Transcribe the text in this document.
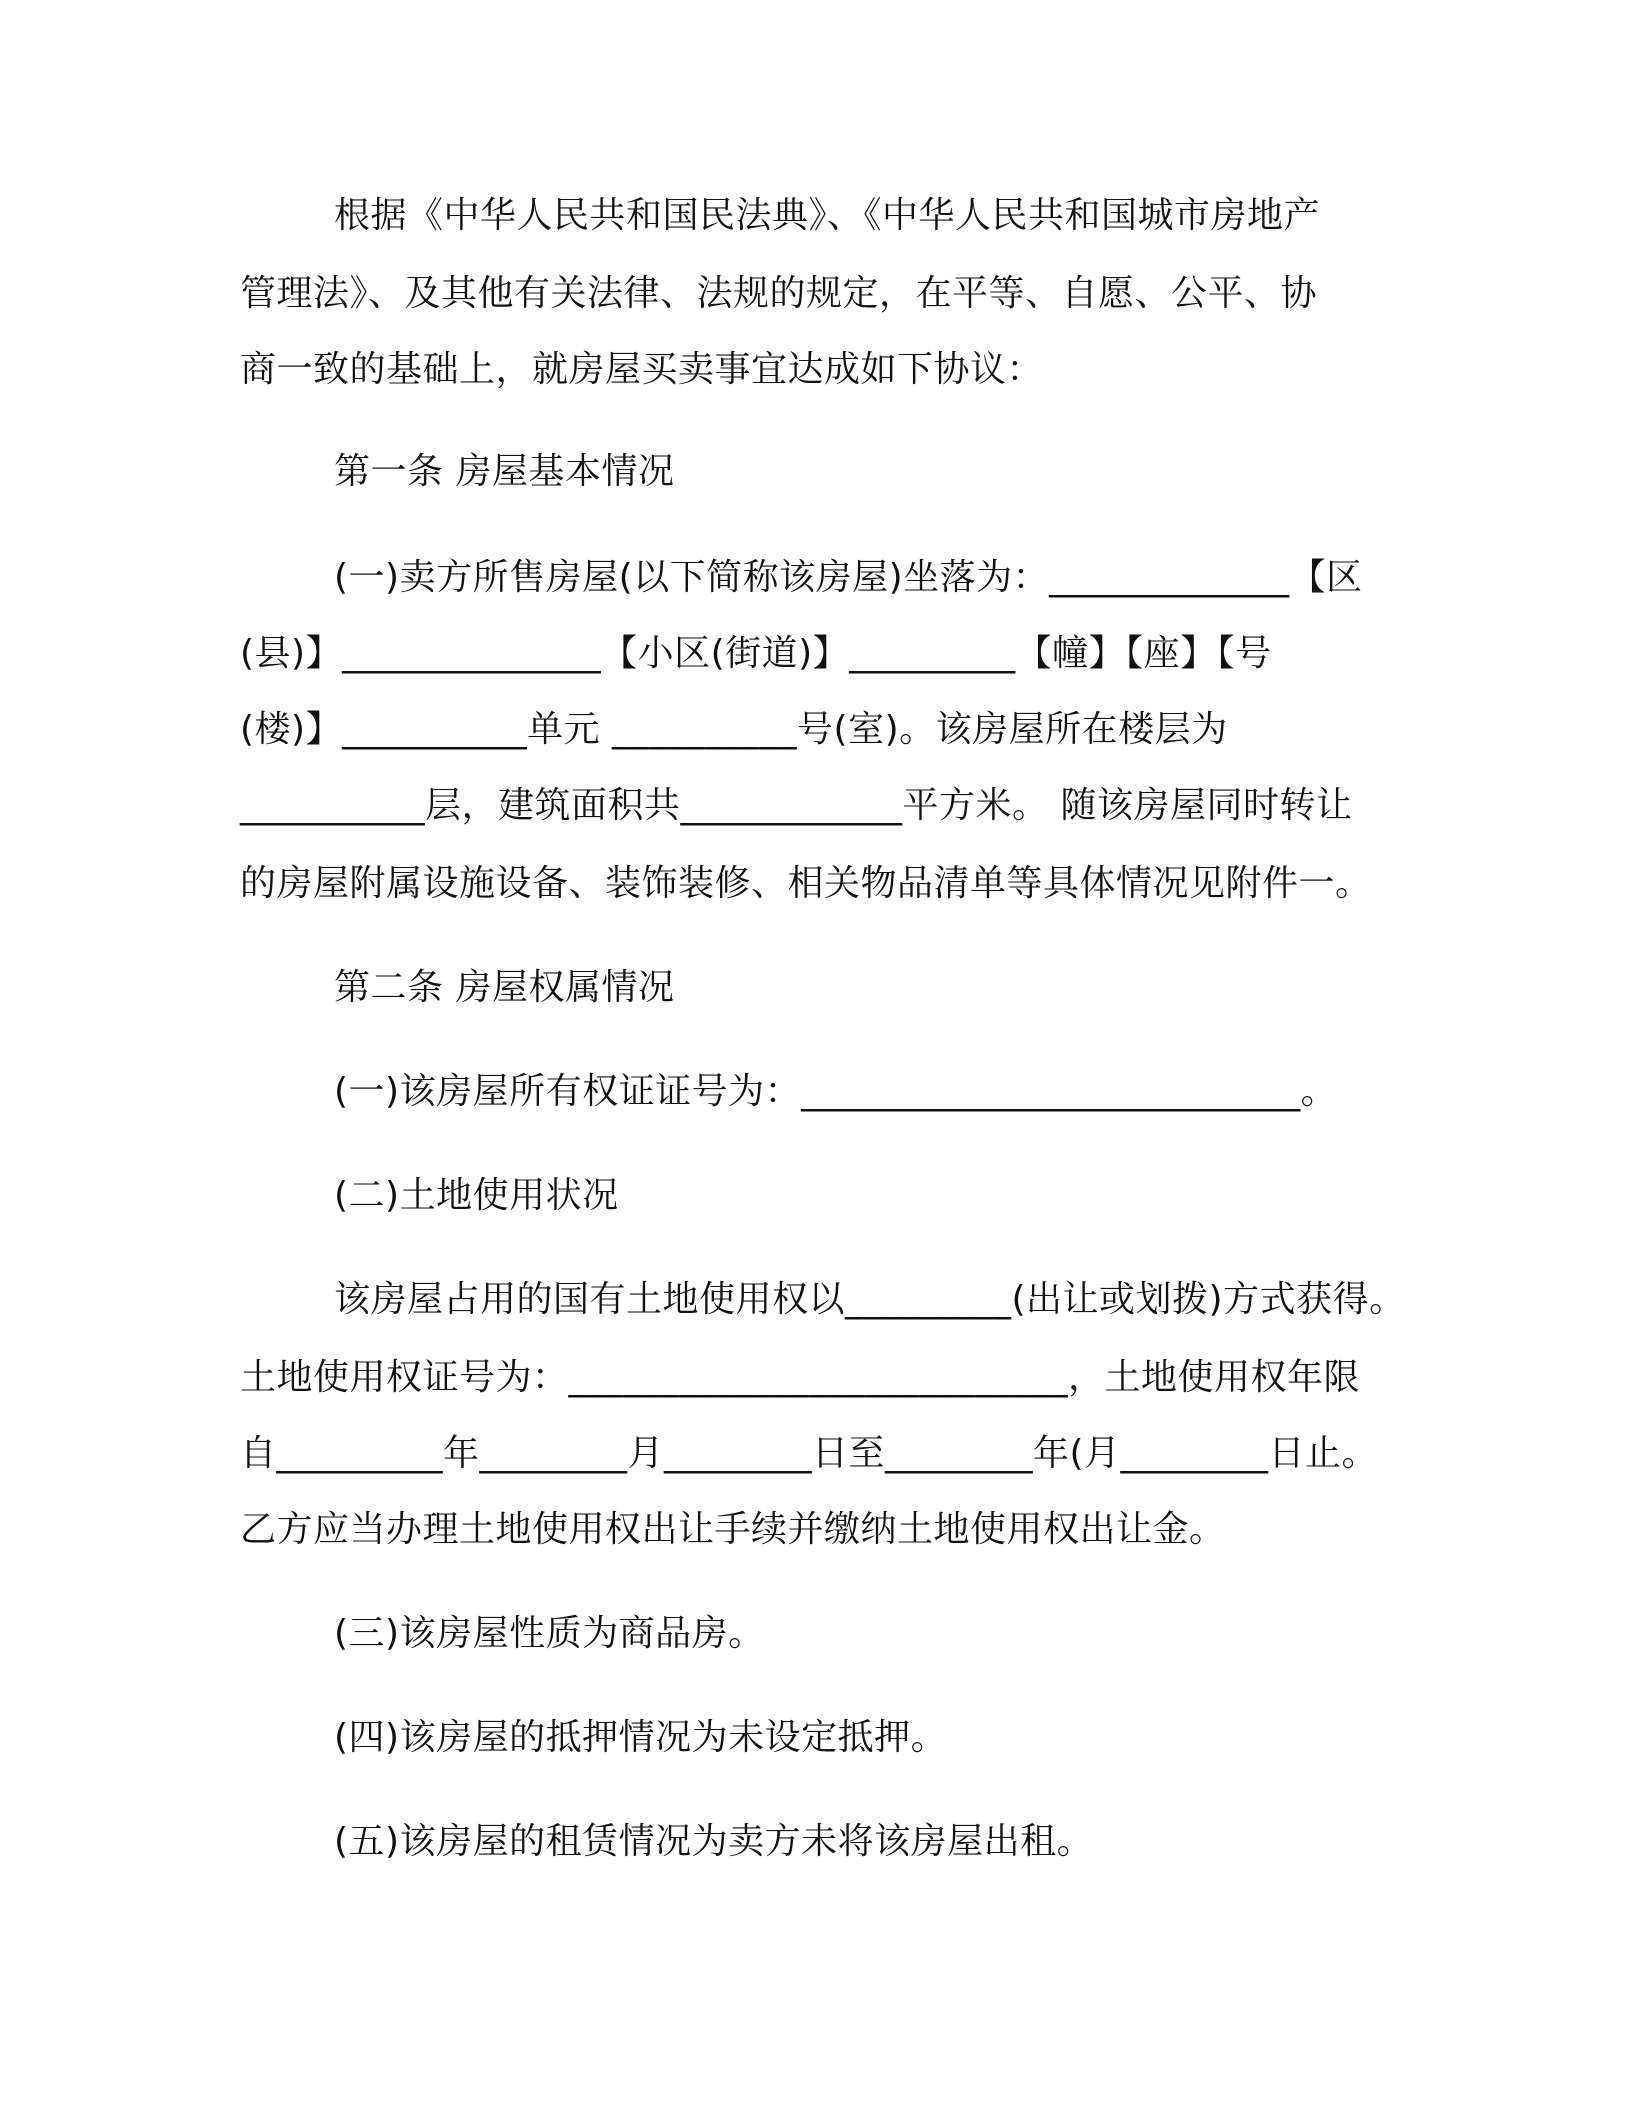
根据《中华人民共和国民法典》、《中华人民共和国城市房地产
管理法》、及其他有关法律、法规的规定，在平等、自愿、公平、协
商一致的基础上，就房屋买卖事宜达成如下协议：
第一条 房屋基本情况
(一)卖方所售房屋(以下简称该房屋)坐落为：_____________【区
(县)】______________【小区(街道)】_________【幢】【座】【号
(楼)】__________单元 __________号(室)。该房屋所在楼层为
__________层，建筑面积共____________平方米。 随该房屋同时转让
的房屋附属设施设备、装饰装修、相关物品清单等具体情况见附件一。
第二条 房屋权属情况
(一)该房屋所有权证证号为：___________________________。
(二)土地使用状况
该房屋占用的国有土地使用权以_________(出让或划拨)方式获得。
土地使用权证号为：___________________________，土地使用权年限
自_________年________月________日至________年(月________日止。
乙方应当办理土地使用权出让手续并缴纳土地使用权出让金。
(三)该房屋性质为商品房。
(四)该房屋的抵押情况为未设定抵押。
(五)该房屋的租赁情况为卖方未将该房屋出租。
